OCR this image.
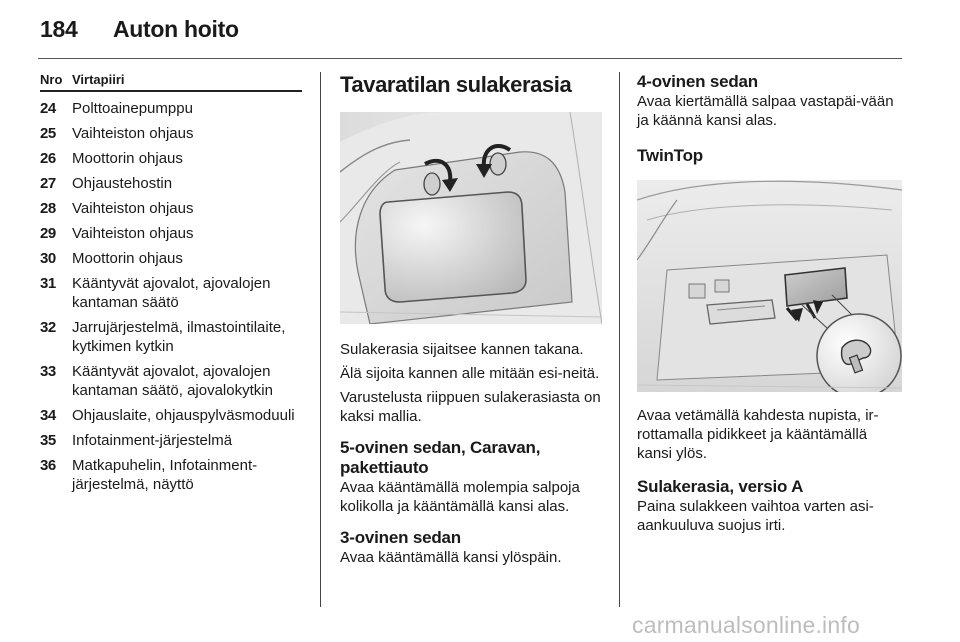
184 Auton hoito
Nro Virtapiiri
24	Polttoainepumppu
25	Vaihteiston ohjaus
26	Moottorin ohjaus
27	Ohjaustehostin
28	Vaihteiston ohjaus
29	Vaihteiston ohjaus
30	Moottorin ohjaus
31	Kääntyvät ajovalot, ajovalojen kantaman säätö
32	Jarrujärjestelmä, ilmastointilaite, kytkimen kytkin
33	Kääntyvät ajovalot, ajovalojen kantaman säätö, ajovalokytkin
34	Ohjauslaite, ohjauspylväsmoduuli
35	Infotainment-järjestelmä
36	Matkapuhelin, Infotainment-järjestelmä, näyttö
Tavaratilan sulakerasia

Sulakerasia sijaitsee kannen takana.

Älä sijoita kannen alle mitään esi-neitä.

Varustelusta riippuen sulakerasiasta on kaksi mallia.

5-ovinen sedan, Caravan, pakettiauto

Avaa kääntämällä molempia salpoja kolikolla ja kääntämällä kansi alas.

3-ovinen sedan

Avaa kääntämällä kansi ylöspäin.

4-ovinen sedan

Avaa kiertämällä salpaa vastapäi-vään ja käännä kansi alas.

TwinTop

Avaa vetämällä kahdesta nupista, ir-rottamalla pidikkeet ja kääntämällä kansi ylös.

Sulakerasia, versio A

Paina sulakkeen vaihtoa varten asi-aankuuluva suojus irti.

carmanualsonline.info
